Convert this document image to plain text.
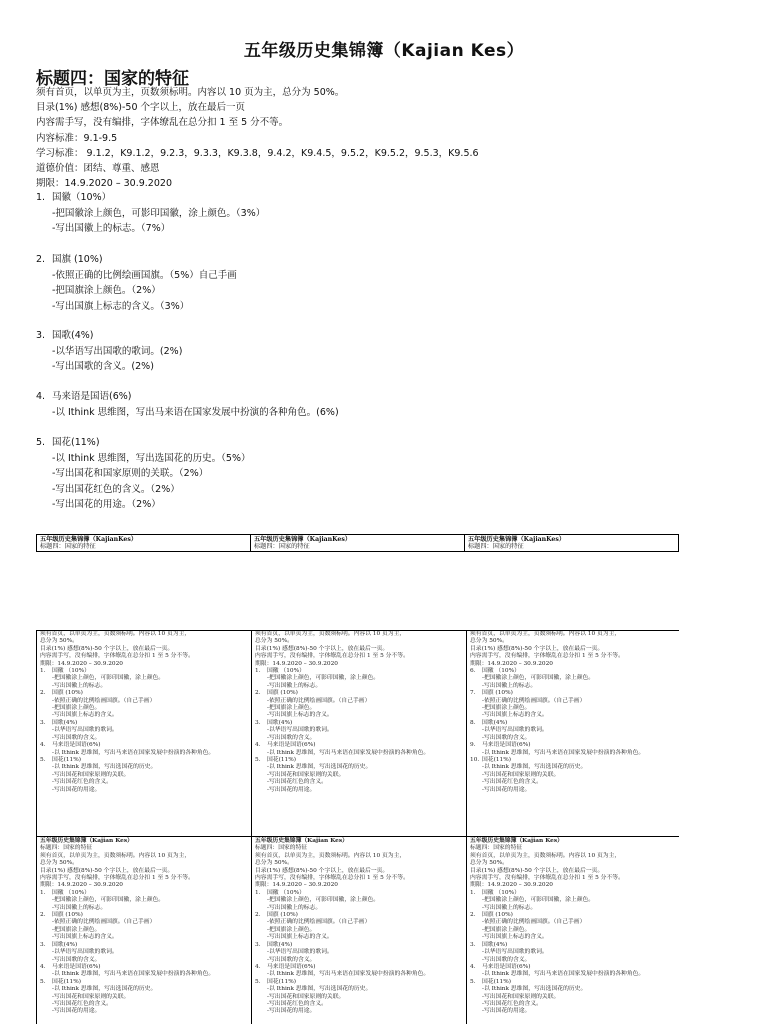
五年级历史集锦簿（Kajian Kes）
标题四：国家的特征
须有首页，以单页为主，页数须标明。内容以 10 页为主，总分为 50%。
目录(1%) 感想(8%)-50 个字以上，放在最后一页
内容需手写，没有编排，字体缭乱在总分扣 1 至 5 分不等。
内容标准：9.1-9.5
学习标准： 9.1.2，K9.1.2，9.2.3，9.3.3，K9.3.8，9.4.2，K9.4.5，9.5.2，K9.5.2，9.5.3，K9.5.6
道德价值：团结、尊重、感恩
期限：14.9.2020 – 30.9.2020
1. 国徽（10%）
-把国徽涂上颜色，可影印国徽，涂上颜色。（3%）
-写出国徽上的标志。（7%）
2. 国旗 (10%)
-依照正确的比例绘画国旗。（5%）自己手画
-把国旗涂上颜色。（2%）
-写出国旗上标志的含义。（3%）
3. 国歌(4%)
-以华语写出国歌的歌词。(2%)
-写出国歌的含义。(2%)
4. 马来语是国语(6%)
-以 Ithink 思维图，写出马来语在国家发展中扮演的各种角色。(6%)
5. 国花(11%)
-以 Ithink 思维图，写出选国花的历史。（5%）
-写出国花和国家原则的关联。（2%）
-写出国花红色的含义。（2%）
-写出国花的用途。（2%）
五年级历史集锦簿（KajianKes）
标题四：国家的特征
五年级历史集锦簿（KajianKes）
标题四：国家的特征
五年级历史集锦簿（KajianKes）
标题四：国家的特征
须有首页，以单页为主，页数须标明。内容以 10 页为主，
总分为 50%。
目录(1%) 感想(8%)-50 个字以上，放在最后一页。
内容需手写，没有编排，字体缭乱在总分扣 1 至 5 分不等。
期限：14.9.2020 – 30.9.2020
1. 国徽 （10%）
-把国徽涂上颜色，可影印国徽，涂上颜色。
-写出国徽上的标志。
2. 国旗 (10%)
-依照正确的比例绘画国旗。（自己手画）
-把国旗涂上颜色。
-写出国旗上标志的含义。
3. 国歌(4%)
-以华语写出国歌的歌词。
-写出国歌的含义。
4. 马来语是国语(6%)
-以 Ithink 思维图，写出马来语在国家发展中扮演的各种角色。
5. 国花(11%)
-以 Ithink 思维图，写出选国花的历史。
-写出国花和国家原则的关联。
-写出国花红色的含义。
-写出国花的用途。
须有首页，以单页为主，页数须标明。内容以 10 页为主，
总分为 50%。
目录(1%) 感想(8%)-50 个字以上，放在最后一页。
内容需手写，没有编排，字体缭乱在总分扣 1 至 5 分不等。
期限：14.9.2020 – 30.9.2020
1. 国徽 （10%）
-把国徽涂上颜色，可影印国徽，涂上颜色。
-写出国徽上的标志。
2. 国旗 (10%)
-依照正确的比例绘画国旗。（自己手画）
-把国旗涂上颜色。
-写出国旗上标志的含义。
3. 国歌(4%)
-以华语写出国歌的歌词。
-写出国歌的含义。
4. 马来语是国语(6%)
-以 Ithink 思维图，写出马来语在国家发展中扮演的各种角色。
5. 国花(11%)
-以 Ithink 思维图，写出选国花的历史。
-写出国花和国家原则的关联。
-写出国花红色的含义。
-写出国花的用途。
须有首页，以单页为主，页数须标明。内容以 10 页为主，
总分为 50%。
目录(1%) 感想(8%)-50 个字以上，放在最后一页。
内容需手写，没有编排，字体缭乱在总分扣 1 至 5 分不等。
期限：14.9.2020 – 30.9.2020
6. 国徽 （10%）
-把国徽涂上颜色，可影印国徽，涂上颜色。
-写出国徽上的标志。
7. 国旗 (10%)
-依照正确的比例绘画国旗。（自己手画）
-把国旗涂上颜色。
-写出国旗上标志的含义。
8. 国歌(4%)
-以华语写出国歌的歌词。
-写出国歌的含义。
9. 马来语是国语(6%)
-以 Ithink 思维图，写出马来语在国家发展中扮演的各种角色。
10. 国花(11%)
-以 Ithink 思维图，写出选国花的历史。
-写出国花和国家原则的关联。
-写出国花红色的含义。
-写出国花的用途。
五年级历史集锦簿（Kajian Kes）
标题四：国家的特征
须有首页，以单页为主，页数须标明。内容以 10 页为主，
总分为 50%。
目录(1%) 感想(8%)-50 个字以上，放在最后一页。
内容需手写，没有编排，字体缭乱在总分扣 1 至 5 分不等。
期限：14.9.2020 – 30.9.2020
1. 国徽 （10%）
-把国徽涂上颜色，可影印国徽，涂上颜色。
-写出国徽上的标志。
2. 国旗 (10%)
-依照正确的比例绘画国旗。（自己手画）
-把国旗涂上颜色。
-写出国旗上标志的含义。
3. 国歌(4%)
-以华语写出国歌的歌词。
-写出国歌的含义。
4. 马来语是国语(6%)
-以 Ithink 思维图，写出马来语在国家发展中扮演的各种角色。
5. 国花(11%)
-以 Ithink 思维图，写出选国花的历史。
-写出国花和国家原则的关联。
-写出国花红色的含义。
-写出国花的用途。
五年级历史集锦簿（Kajian Kes）
标题四：国家的特征
须有首页，以单页为主，页数须标明。内容以 10 页为主，
总分为 50%。
目录(1%) 感想(8%)-50 个字以上，放在最后一页。
内容需手写，没有编排，字体缭乱在总分扣 1 至 5 分不等。
期限：14.9.2020 – 30.9.2020
1. 国徽 （10%）
-把国徽涂上颜色，可影印国徽，涂上颜色。
-写出国徽上的标志。
2. 国旗 (10%)
-依照正确的比例绘画国旗。（自己手画）
-把国旗涂上颜色。
-写出国旗上标志的含义。
3. 国歌(4%)
-以华语写出国歌的歌词。
-写出国歌的含义。
4. 马来语是国语(6%)
-以 Ithink 思维图，写出马来语在国家发展中扮演的各种角色。
5. 国花(11%)
-以 Ithink 思维图，写出选国花的历史。
-写出国花和国家原则的关联。
-写出国花红色的含义。
-写出国花的用途。
五年级历史集锦簿（Kajian Kes）
标题四：国家的特征
须有首页，以单页为主，页数须标明。内容以 10 页为主，
总分为 50%。
目录(1%) 感想(8%)-50 个字以上，放在最后一页。
内容需手写，没有编排，字体缭乱在总分扣 1 至 5 分不等。
期限：14.9.2020 – 30.9.2020
1. 国徽 （10%）
-把国徽涂上颜色，可影印国徽，涂上颜色。
-写出国徽上的标志。
2. 国旗 (10%)
-依照正确的比例绘画国旗。（自己手画）
-把国旗涂上颜色。
-写出国旗上标志的含义。
3. 国歌(4%)
-以华语写出国歌的歌词。
-写出国歌的含义。
4. 马来语是国语(6%)
-以 Ithink 思维图，写出马来语在国家发展中扮演的各种角色。
5. 国花(11%)
-以 Ithink 思维图，写出选国花的历史。
-写出国花和国家原则的关联。
-写出国花红色的含义。
-写出国花的用途。
